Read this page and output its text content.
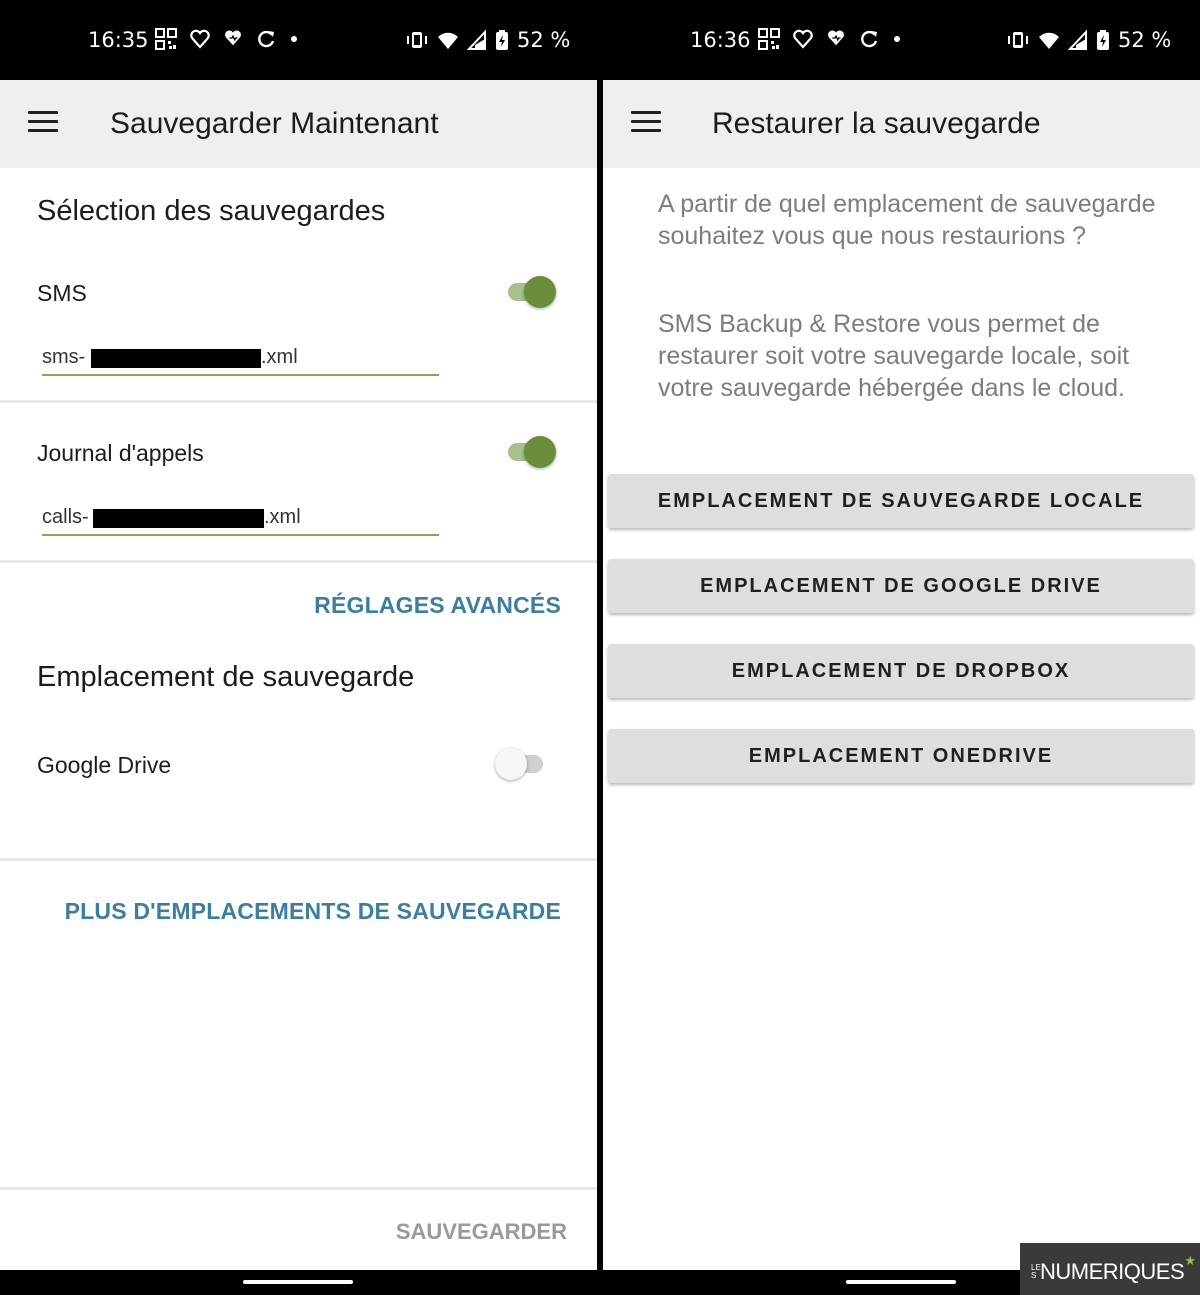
16:35	52 %
Sauvegarder Maintenant
Sélection des sauvegardes
SMS
sms-	.xml
Journal d'appels
calls-	.xml
RÉGLAGES AVANCÉS
Emplacement de sauvegarde
Google Drive
PLUS D'EMPLACEMENTS DE SAUVEGARDE
SAUVEGARDER
16:36	52 %
Restaurer la sauvegarde
A partir de quel emplacement de sauvegarde souhaitez vous que nous restaurions ?
SMS Backup & Restore vous permet de restaurer soit votre sauvegarde locale, soit votre sauvegarde hébergée dans le cloud.
EMPLACEMENT DE SAUVEGARDE LOCALE
EMPLACEMENT DE GOOGLE DRIVE
EMPLACEMENT DE DROPBOX
EMPLACEMENT ONEDRIVE
LES NUMERIQUES ★
